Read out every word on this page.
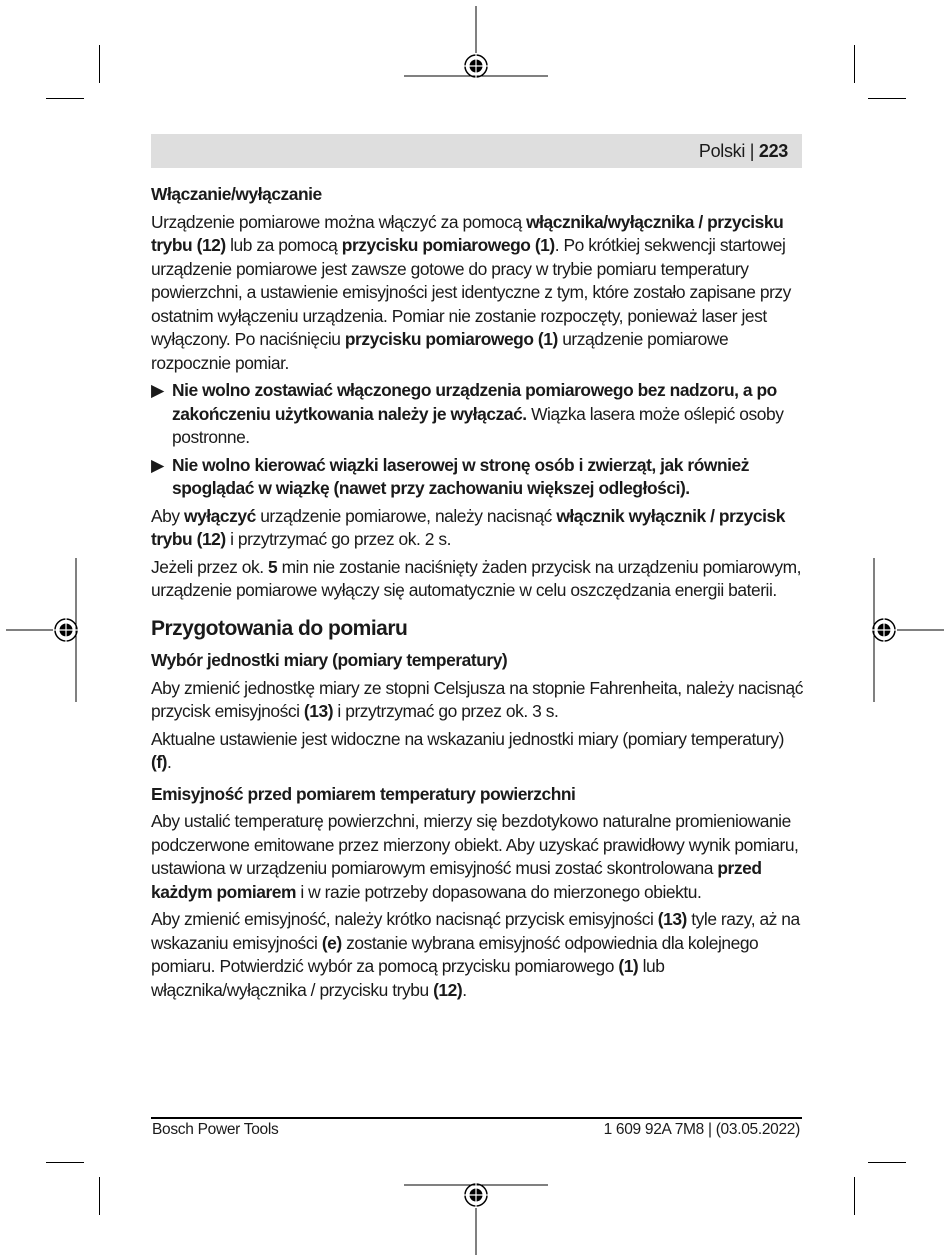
Polski | 223
Włączanie/wyłączanie

Urządzenie pomiarowe można włączyć za pomocą włącznika/wyłącznika / przycisku trybu (12) lub za pomocą przycisku pomiarowego (1). Po krótkiej sekwencji startowej urządzenie pomiarowe jest zawsze gotowe do pracy w trybie pomiaru temperatury powierzchni, a ustawienie emisyjności jest identyczne z tym, które zostało zapisane przy ostatnim wyłączeniu urządzenia. Pomiar nie zostanie rozpoczęty, ponieważ laser jest wyłączony. Po naciśnięciu przycisku pomiarowego (1) urządzenie pomiarowe rozpocznie pomiar.

▶ Nie wolno zostawiać włączonego urządzenia pomiarowego bez nadzoru, a po zakończeniu użytkowania należy je wyłączać. Wiązka lasera może oślepić osoby postronne.
▶ Nie wolno kierować wiązki laserowej w stronę osób i zwierząt, jak również spoglądać w wiązkę (nawet przy zachowaniu większej odległości).

Aby wyłączyć urządzenie pomiarowe, należy nacisnąć włącznik wyłącznik / przycisk trybu (12) i przytrzymać go przez ok. 2 s.

Jeżeli przez ok. 5 min nie zostanie naciśnięty żaden przycisk na urządzeniu pomiarowym, urządzenie pomiarowe wyłączy się automatycznie w celu oszczędzania energii baterii.

Przygotowania do pomiaru
Wybór jednostki miary (pomiary temperatury)

Aby zmienić jednostkę miary ze stopni Celsjusza na stopnie Fahrenheita, należy nacisnąć przycisk emisyjności (13) i przytrzymać go przez ok. 3 s.

Aktualne ustawienie jest widoczne na wskazaniu jednostki miary (pomiary temperatury) (f).

Emisyjność przed pomiarem temperatury powierzchni

Aby ustalić temperaturę powierzchni, mierzy się bezdotykowo naturalne promieniowanie podczerwone emitowane przez mierzony obiekt. Aby uzyskać prawidłowy wynik pomiaru, ustawiona w urządzeniu pomiarowym emisyjność musi zostać skontrolowana przed każdym pomiarem i w razie potrzeby dopasowana do mierzonego obiektu.

Aby zmienić emisyjność, należy krótko nacisnąć przycisk emisyjności (13) tyle razy, aż na wskazaniu emisyjności (e) zostanie wybrana emisyjność odpowiednia dla kolejnego pomiaru. Potwierdzić wybór za pomocą przycisku pomiarowego (1) lub włącznika/wyłącznika / przycisku trybu (12).

Bosch Power Tools	1 609 92A 7M8 | (03.05.2022)
